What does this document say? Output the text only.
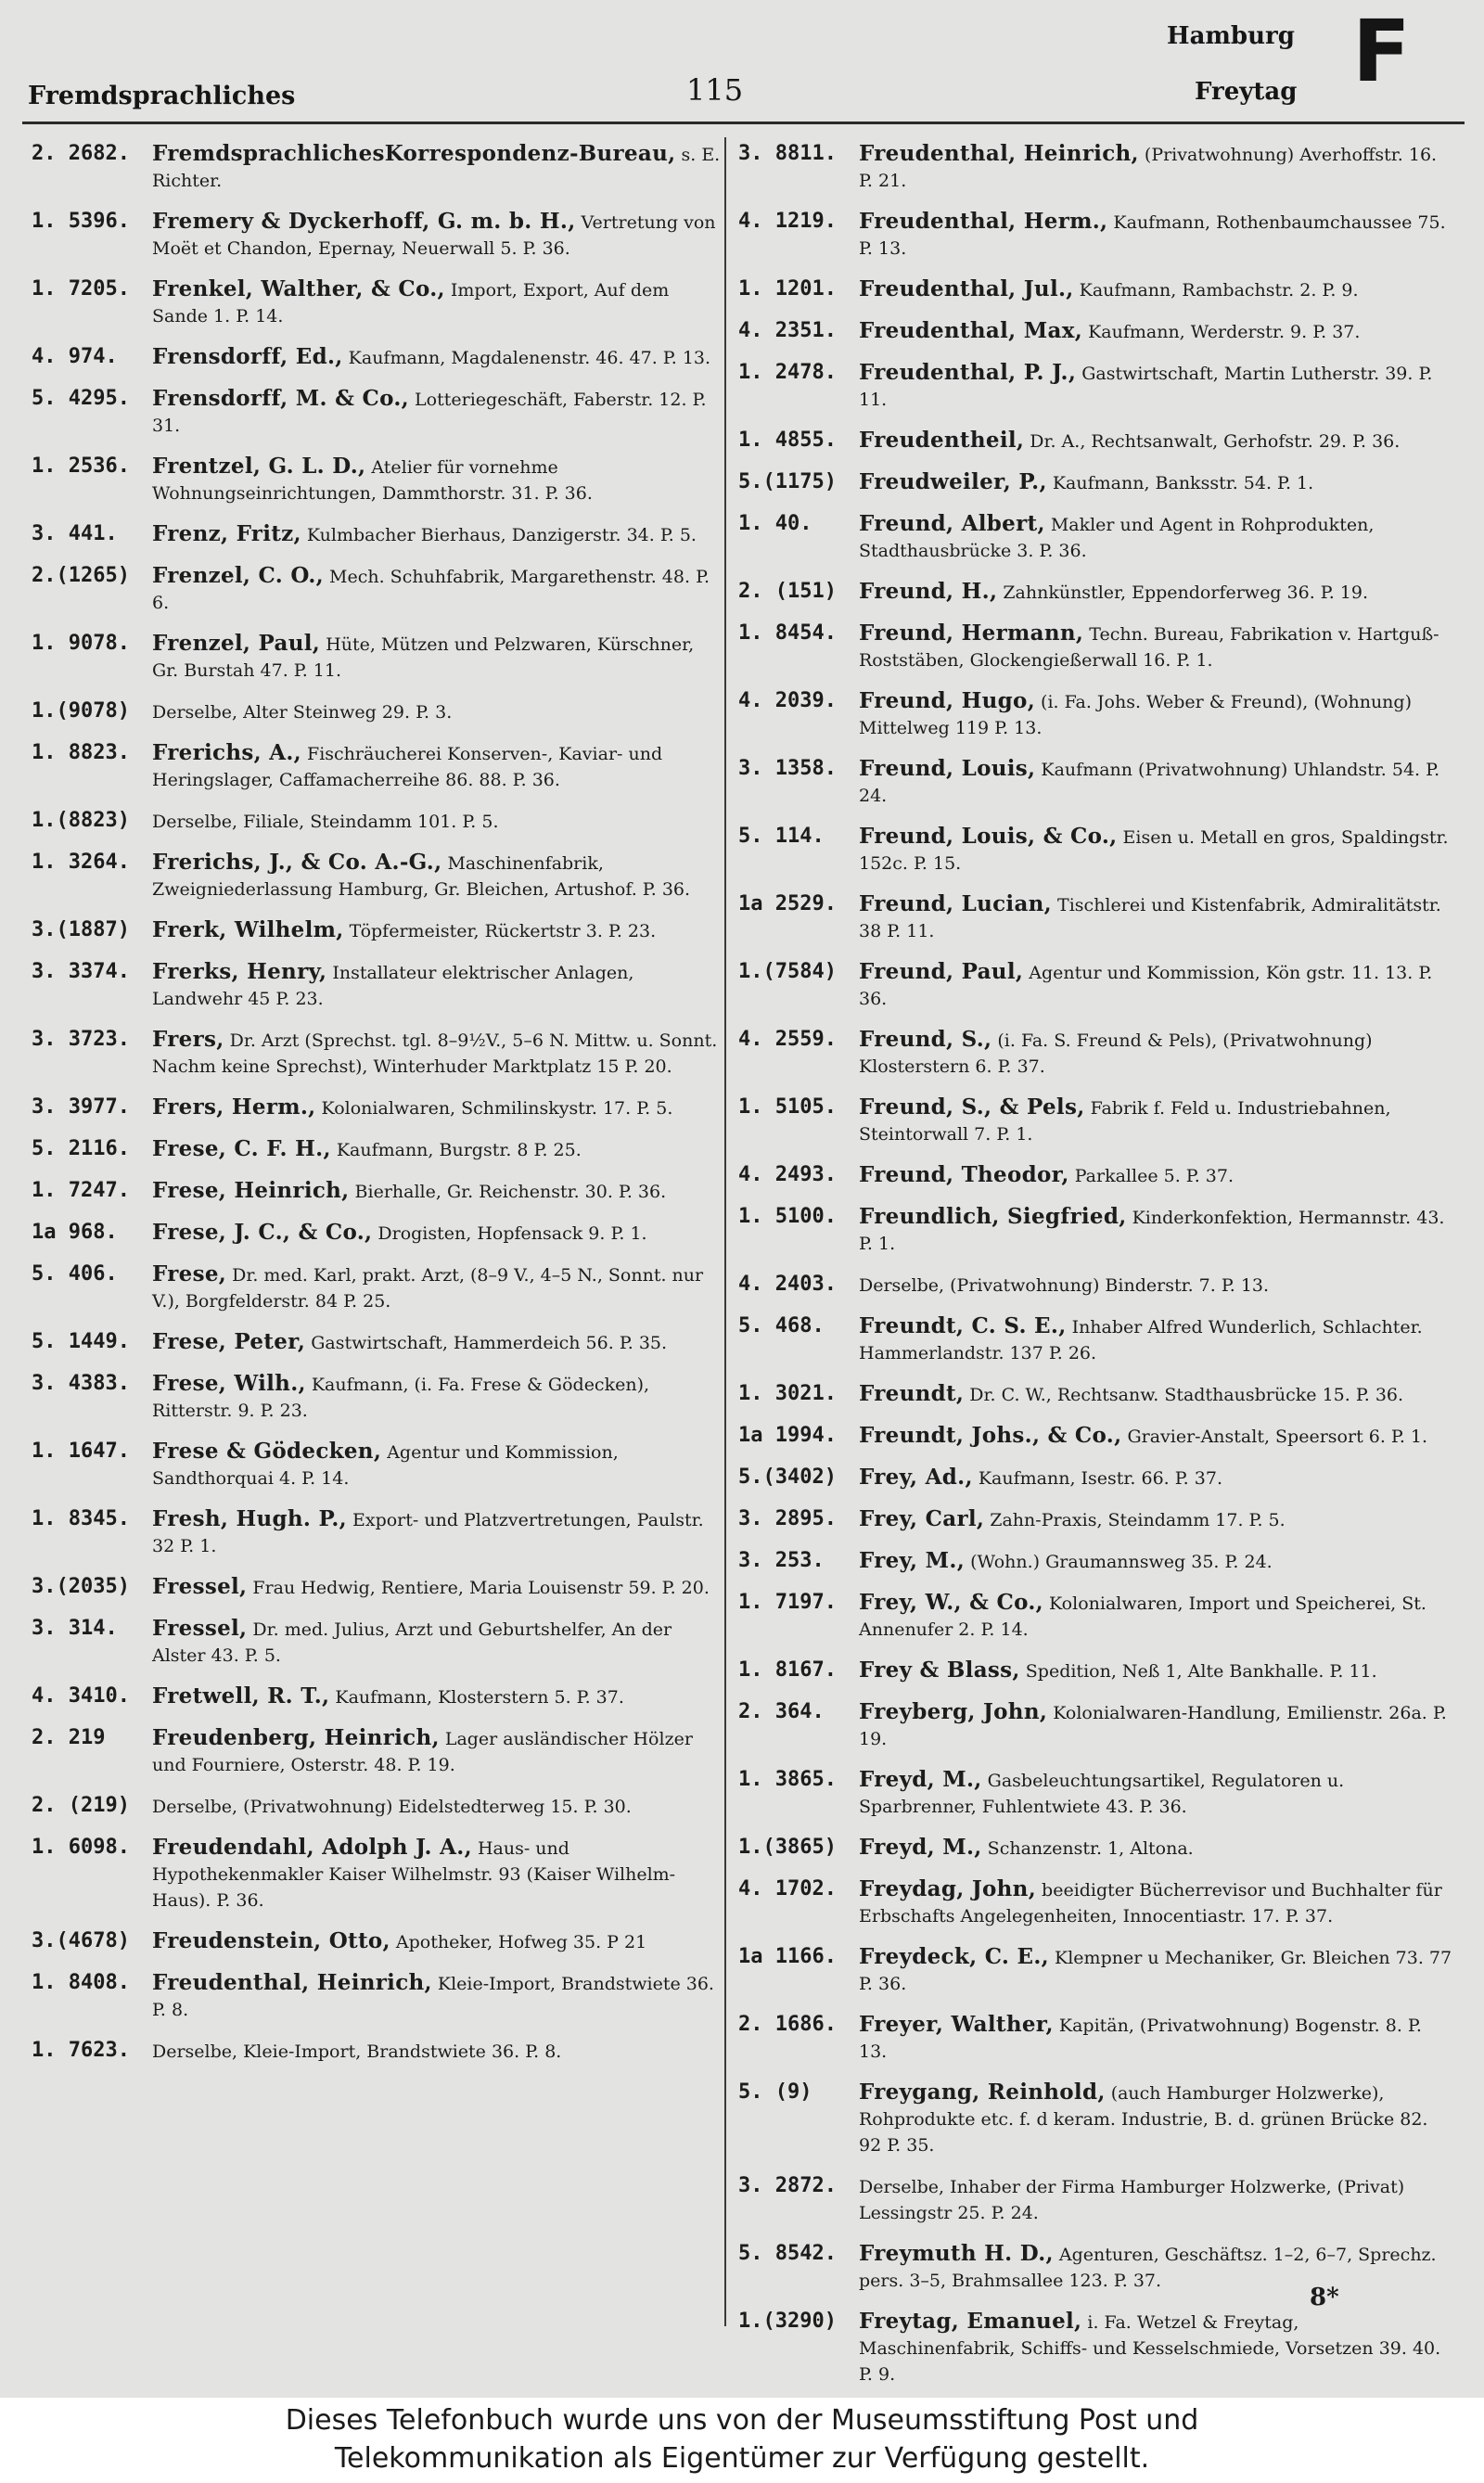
Fremdsprachliches	115
Hamburg
Freytag F
2. 2682.	FremdsprachlichesKorrespondenz-Bureau, s. E. Richter.
1. 5396.	Fremery & Dyckerhoff, G. m. b. H., Vertretung von Moët et Chandon, Epernay, Neuerwall 5. P. 36.
1. 7205.	Frenkel, Walther, & Co., Import, Export, Auf dem Sande 1. P. 14.
4. 974.	Frensdorff, Ed., Kaufmann, Magdalenenstr. 46. 47. P. 13.
5. 4295.	Frensdorff, M. & Co., Lotteriegeschäft, Faberstr. 12. P. 31.
1. 2536.	Frentzel, G. L. D., Atelier für vornehme Wohnungseinrichtungen, Dammthorstr. 31. P. 36.
3. 441.	Frenz, Fritz, Kulmbacher Bierhaus, Danzigerstr. 34. P. 5.
2.(1265)	Frenzel, C. O., Mech. Schuhfabrik, Margarethenstr. 48. P. 6.
1. 9078.	Frenzel, Paul, Hüte, Mützen und Pelzwaren, Kürschner, Gr. Burstah 47. P. 11.
1.(9078)	Derselbe, Alter Steinweg 29. P. 3.
1. 8823.	Frerichs, A., Fischräucherei Konserven-, Kaviar- und Heringslager, Caffamacherreihe 86. 88. P. 36.
1.(8823)	Derselbe, Filiale, Steindamm 101. P. 5.
1. 3264.	Frerichs, J., & Co. A.-G., Maschinenfabrik, Zweigniederlassung Hamburg, Gr. Bleichen, Artushof. P. 36.
3.(1887)	Frerk, Wilhelm, Töpfermeister, Rückertstr 3. P. 23.
3. 3374.	Frerks, Henry, Installateur elektrischer Anlagen, Landwehr 45 P. 23.
3. 3723.	Frers, Dr. Arzt (Sprechst. tgl. 8–9½V., 5–6 N. Mittw. u. Sonnt. Nachm keine Sprechst), Winterhuder Marktplatz 15 P. 20.
3. 3977.	Frers, Herm., Kolonialwaren, Schmilinskystr. 17. P. 5.
5. 2116.	Frese, C. F. H., Kaufmann, Burgstr. 8 P. 25.
1. 7247.	Frese, Heinrich, Bierhalle, Gr. Reichenstr. 30. P. 36.
1a 968.	Frese, J. C., & Co., Drogisten, Hopfensack 9. P. 1.
5. 406.	Frese, Dr. med. Karl, prakt. Arzt, (8–9 V., 4–5 N., Sonnt. nur V.), Borgfelderstr. 84 P. 25.
5. 1449.	Frese, Peter, Gastwirtschaft, Hammerdeich 56. P. 35.
3. 4383.	Frese, Wilh., Kaufmann, (i. Fa. Frese & Gödecken), Ritterstr. 9. P. 23.
1. 1647.	Frese & Gödecken, Agentur und Kommission, Sandthorquai 4. P. 14.
1. 8345.	Fresh, Hugh. P., Export- und Platzvertretungen, Paulstr. 32 P. 1.
3.(2035)	Fressel, Frau Hedwig, Rentiere, Maria Louisenstr 59. P. 20.
3. 314.	Fressel, Dr. med. Julius, Arzt und Geburtshelfer, An der Alster 43. P. 5.
4. 3410.	Fretwell, R. T., Kaufmann, Klosterstern 5. P. 37.
2. 219	Freudenberg, Heinrich, Lager ausländischer Hölzer und Fourniere, Osterstr. 48. P. 19.
2. (219)	Derselbe, (Privatwohnung) Eidelstedterweg 15. P. 30.
1. 6098.	Freudendahl, Adolph J. A., Haus- und Hypothekenmakler Kaiser Wilhelmstr. 93 (Kaiser Wilhelm-Haus). P. 36.
3.(4678)	Freudenstein, Otto, Apotheker, Hofweg 35. P 21
1. 8408.	Freudenthal, Heinrich, Kleie-Import, Brandstwiete 36. P. 8.
1. 7623.	Derselbe, Kleie-Import, Brandstwiete 36. P. 8.
3. 8811.	Freudenthal, Heinrich, (Privatwohnung) Averhoffstr. 16. P. 21.
4. 1219.	Freudenthal, Herm., Kaufmann, Rothenbaumchaussee 75. P. 13.
1. 1201.	Freudenthal, Jul., Kaufmann, Rambachstr. 2. P. 9.
4. 2351.	Freudenthal, Max, Kaufmann, Werderstr. 9. P. 37.
1. 2478.	Freudenthal, P. J., Gastwirtschaft, Martin Lutherstr. 39. P. 11.
1. 4855.	Freudentheil, Dr. A., Rechtsanwalt, Gerhofstr. 29. P. 36.
5.(1175)	Freudweiler, P., Kaufmann, Banksstr. 54. P. 1.
1. 40.	Freund, Albert, Makler und Agent in Rohprodukten, Stadthausbrücke 3. P. 36.
2. (151)	Freund, H., Zahnkünstler, Eppendorferweg 36. P. 19.
1. 8454.	Freund, Hermann, Techn. Bureau, Fabrikation v. Hartguß-Roststäben, Glockengießerwall 16. P. 1.
4. 2039.	Freund, Hugo, (i. Fa. Johs. Weber & Freund), (Wohnung) Mittelweg 119 P. 13.
3. 1358.	Freund, Louis, Kaufmann (Privatwohnung) Uhlandstr. 54. P. 24.
5. 114.	Freund, Louis, & Co., Eisen u. Metall en gros, Spaldingstr. 152c. P. 15.
1a 2529.	Freund, Lucian, Tischlerei und Kistenfabrik, Admiralitätstr. 38 P. 11.
1.(7584)	Freund, Paul, Agentur und Kommission, Kön gstr. 11. 13. P. 36.
4. 2559.	Freund, S., (i. Fa. S. Freund & Pels), (Privatwohnung) Klosterstern 6. P. 37.
1. 5105.	Freund, S., & Pels, Fabrik f. Feld u. Industriebahnen, Steintorwall 7. P. 1.
4. 2493.	Freund, Theodor, Parkallee 5. P. 37.
1. 5100.	Freundlich, Siegfried, Kinderkonfektion, Hermannstr. 43. P. 1.
4. 2403.	Derselbe, (Privatwohnung) Binderstr. 7. P. 13.
5. 468.	Freundt, C. S. E., Inhaber Alfred Wunderlich, Schlachter. Hammerlandstr. 137 P. 26.
1. 3021.	Freundt, Dr. C. W., Rechtsanw. Stadthausbrücke 15. P. 36.
1a 1994.	Freundt, Johs., & Co., Gravier-Anstalt, Speersort 6. P. 1.
5.(3402)	Frey, Ad., Kaufmann, Isestr. 66. P. 37.
3. 2895.	Frey, Carl, Zahn-Praxis, Steindamm 17. P. 5.
3. 253.	Frey, M., (Wohn.) Graumannsweg 35. P. 24.
1. 7197.	Frey, W., & Co., Kolonialwaren, Import und Speicherei, St. Annenufer 2. P. 14.
1. 8167.	Frey & Blass, Spedition, Neß 1, Alte Bankhalle. P. 11.
2. 364.	Freyberg, John, Kolonialwaren-Handlung, Emilienstr. 26a. P. 19.
1. 3865.	Freyd, M., Gasbeleuchtungsartikel, Regulatoren u. Sparbrenner, Fuhlentwiete 43. P. 36.
1.(3865)	Freyd, M., Schanzenstr. 1, Altona.
4. 1702.	Freydag, John, beeidigter Bücherrevisor und Buchhalter für Erbschafts Angelegenheiten, Innocentiastr. 17. P. 37.
1a 1166.	Freydeck, C. E., Klempner u Mechaniker, Gr. Bleichen 73. 77 P. 36.
2. 1686.	Freyer, Walther, Kapitän, (Privatwohnung) Bogenstr. 8. P. 13.
5. (9)	Freygang, Reinhold, (auch Hamburger Holzwerke), Rohprodukte etc. f. d keram. Industrie, B. d. grünen Brücke 82. 92 P. 35.
3. 2872.	Derselbe, Inhaber der Firma Hamburger Holzwerke, (Privat) Lessingstr 25. P. 24.
5. 8542.	Freymuth H. D., Agenturen, Geschäftsz. 1–2, 6–7, Sprechz. pers. 3–5, Brahmsallee 123. P. 37.
1.(3290)	Freytag, Emanuel, i. Fa. Wetzel & Freytag, Maschinenfabrik, Schiffs- und Kesselschmiede, Vorsetzen 39. 40. P. 9.
8*
Dieses Telefonbuch wurde uns von der Museumsstiftung Post und
Telekommunikation als Eigentümer zur Verfügung gestellt.
